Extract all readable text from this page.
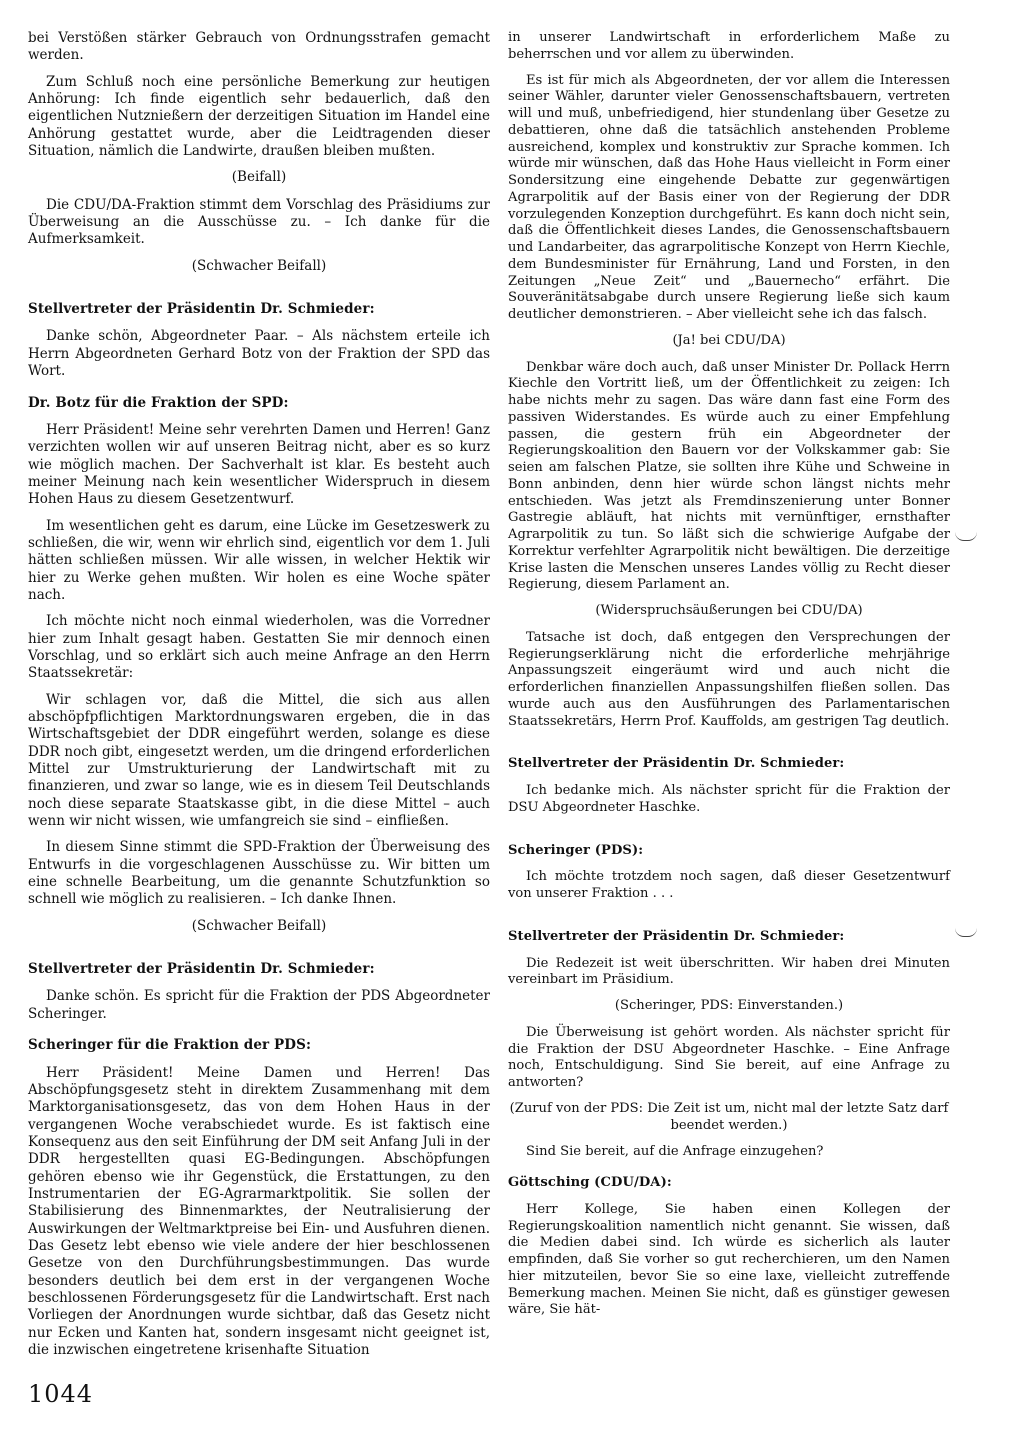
bei Verstößen stärker Gebrauch von Ordnungsstrafen gemacht werden.
Zum Schluß noch eine persönliche Bemerkung zur heutigen Anhörung: Ich finde eigentlich sehr bedauerlich, daß den eigentlichen Nutznießern der derzeitigen Situation im Handel eine Anhörung gestattet wurde, aber die Leidtragenden dieser Situation, nämlich die Landwirte, draußen bleiben mußten.
(Beifall)
Die CDU/DA-Fraktion stimmt dem Vorschlag des Präsidiums zur Überweisung an die Ausschüsse zu. – Ich danke für die Aufmerksamkeit.
(Schwacher Beifall)
Stellvertreter der Präsidentin Dr. Schmieder:
Danke schön, Abgeordneter Paar. – Als nächstem erteile ich Herrn Abgeordneten Gerhard Botz von der Fraktion der SPD das Wort.
Dr. Botz für die Fraktion der SPD:
Herr Präsident! Meine sehr verehrten Damen und Herren! Ganz verzichten wollen wir auf unseren Beitrag nicht, aber es so kurz wie möglich machen. Der Sachverhalt ist klar. Es besteht auch meiner Meinung nach kein wesentlicher Widerspruch in diesem Hohen Haus zu diesem Gesetzentwurf.
Im wesentlichen geht es darum, eine Lücke im Gesetzeswerk zu schließen, die wir, wenn wir ehrlich sind, eigentlich vor dem 1. Juli hätten schließen müssen. Wir alle wissen, in welcher Hektik wir hier zu Werke gehen mußten. Wir holen es eine Woche später nach.
Ich möchte nicht noch einmal wiederholen, was die Vorredner hier zum Inhalt gesagt haben. Gestatten Sie mir dennoch einen Vorschlag, und so erklärt sich auch meine Anfrage an den Herrn Staatssekretär:
Wir schlagen vor, daß die Mittel, die sich aus allen abschöpfpflichtigen Marktordnungswaren ergeben, die in das Wirtschaftsgebiet der DDR eingeführt werden, solange es diese DDR noch gibt, eingesetzt werden, um die dringend erforderlichen Mittel zur Umstrukturierung der Landwirtschaft mit zu finanzieren, und zwar so lange, wie es in diesem Teil Deutschlands noch diese separate Staatskasse gibt, in die diese Mittel – auch wenn wir nicht wissen, wie umfangreich sie sind – einfließen.
In diesem Sinne stimmt die SPD-Fraktion der Überweisung des Entwurfs in die vorgeschlagenen Ausschüsse zu. Wir bitten um eine schnelle Bearbeitung, um die genannte Schutzfunktion so schnell wie möglich zu realisieren. – Ich danke Ihnen.
(Schwacher Beifall)
Stellvertreter der Präsidentin Dr. Schmieder:
Danke schön. Es spricht für die Fraktion der PDS Abgeordneter Scheringer.
Scheringer für die Fraktion der PDS:
Herr Präsident! Meine Damen und Herren! Das Abschöpfungsgesetz steht in direktem Zusammenhang mit dem Marktorganisationsgesetz, das von dem Hohen Haus in der vergangenen Woche verabschiedet wurde. Es ist faktisch eine Konsequenz aus den seit Einführung der DM seit Anfang Juli in der DDR hergestellten quasi EG-Bedingungen. Abschöpfungen gehören ebenso wie ihr Gegenstück, die Erstattungen, zu den Instrumentarien der EG-Agrarmarktpolitik. Sie sollen der Stabilisierung des Binnenmarktes, der Neutralisierung der Auswirkungen der Weltmarktpreise bei Ein- und Ausfuhren dienen. Das Gesetz lebt ebenso wie viele andere der hier beschlossenen Gesetze von den Durchführungsbestimmungen. Das wurde besonders deutlich bei dem erst in der vergangenen Woche beschlossenen Förderungsgesetz für die Landwirtschaft. Erst nach Vorliegen der Anordnungen wurde sichtbar, daß das Gesetz nicht nur Ecken und Kanten hat, sondern insgesamt nicht geeignet ist, die inzwischen eingetretene krisenhafte Situation
in unserer Landwirtschaft in erforderlichem Maße zu beherrschen und vor allem zu überwinden.
Es ist für mich als Abgeordneten, der vor allem die Interessen seiner Wähler, darunter vieler Genossenschaftsbauern, vertreten will und muß, unbefriedigend, hier stundenlang über Gesetze zu debattieren, ohne daß die tatsächlich anstehenden Probleme ausreichend, komplex und konstruktiv zur Sprache kommen. Ich würde mir wünschen, daß das Hohe Haus vielleicht in Form einer Sondersitzung eine eingehende Debatte zur gegenwärtigen Agrarpolitik auf der Basis einer von der Regierung der DDR vorzulegenden Konzeption durchgeführt. Es kann doch nicht sein, daß die Öffentlichkeit dieses Landes, die Genossenschaftsbauern und Landarbeiter, das agrarpolitische Konzept von Herrn Kiechle, dem Bundesminister für Ernährung, Land und Forsten, in den Zeitungen „Neue Zeit“ und „Bauernecho“ erfährt. Die Souveränitätsabgabe durch unsere Regierung ließe sich kaum deutlicher demonstrieren. – Aber vielleicht sehe ich das falsch.
(Ja! bei CDU/DA)
Denkbar wäre doch auch, daß unser Minister Dr. Pollack Herrn Kiechle den Vortritt ließ, um der Öffentlichkeit zu zeigen: Ich habe nichts mehr zu sagen. Das wäre dann fast eine Form des passiven Widerstandes. Es würde auch zu einer Empfehlung passen, die gestern früh ein Abgeordneter der Regierungskoalition den Bauern vor der Volkskammer gab: Sie seien am falschen Platze, sie sollten ihre Kühe und Schweine in Bonn anbinden, denn hier würde schon längst nichts mehr entschieden. Was jetzt als Fremdinszenierung unter Bonner Gastregie abläuft, hat nichts mit vernünftiger, ernsthafter Agrarpolitik zu tun. So läßt sich die schwierige Aufgabe der Korrektur verfehlter Agrarpolitik nicht bewältigen. Die derzeitige Krise lasten die Menschen unseres Landes völlig zu Recht dieser Regierung, diesem Parlament an.
(Widerspruchsäußerungen bei CDU/DA)
Tatsache ist doch, daß entgegen den Versprechungen der Regierungserklärung nicht die erforderliche mehrjährige Anpassungszeit eingeräumt wird und auch nicht die erforderlichen finanziellen Anpassungshilfen fließen sollen. Das wurde auch aus den Ausführungen des Parlamentarischen Staatssekretärs, Herrn Prof. Kauffolds, am gestrigen Tag deutlich.
Stellvertreter der Präsidentin Dr. Schmieder:
Ich bedanke mich. Als nächster spricht für die Fraktion der DSU Abgeordneter Haschke.
Scheringer (PDS):
Ich möchte trotzdem noch sagen, daß dieser Gesetzentwurf von unserer Fraktion . . .
Stellvertreter der Präsidentin Dr. Schmieder:
Die Redezeit ist weit überschritten. Wir haben drei Minuten vereinbart im Präsidium.
(Scheringer, PDS: Einverstanden.)
Die Überweisung ist gehört worden. Als nächster spricht für die Fraktion der DSU Abgeordneter Haschke. – Eine Anfrage noch, Entschuldigung. Sind Sie bereit, auf eine Anfrage zu antworten?
(Zuruf von der PDS: Die Zeit ist um, nicht mal der letzte Satz darf beendet werden.)
Sind Sie bereit, auf die Anfrage einzugehen?
Göttsching (CDU/DA):
Herr Kollege, Sie haben einen Kollegen der Regierungskoalition namentlich nicht genannt. Sie wissen, daß die Medien dabei sind. Ich würde es sicherlich als lauter empfinden, daß Sie vorher so gut recherchieren, um den Namen hier mitzuteilen, bevor Sie so eine laxe, vielleicht zutreffende Bemerkung machen. Meinen Sie nicht, daß es günstiger gewesen wäre, Sie hät-
1044
